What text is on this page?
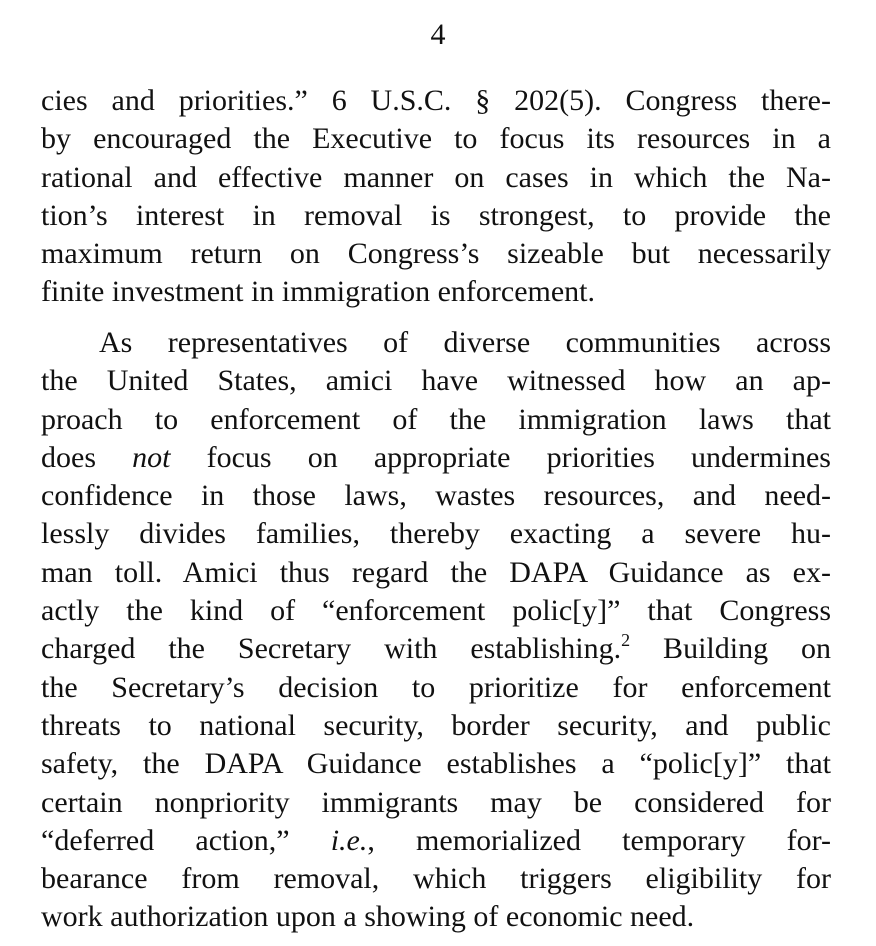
4
cies and priorities.” 6 U.S.C. § 202(5). Congress there-
by encouraged the Executive to focus its resources in a
rational and effective manner on cases in which the Na-
tion’s interest in removal is strongest, to provide the
maximum return on Congress’s sizeable but necessarily
finite investment in immigration enforcement.
As representatives of diverse communities across
the United States, amici have witnessed how an ap-
proach to enforcement of the immigration laws that
does not focus on appropriate priorities undermines
confidence in those laws, wastes resources, and need-
lessly divides families, thereby exacting a severe hu-
man toll. Amici thus regard the DAPA Guidance as ex-
actly the kind of “enforcement polic[y]” that Congress
charged the Secretary with establishing.$^2$ Building on
the Secretary’s decision to prioritize for enforcement
threats to national security, border security, and public
safety, the DAPA Guidance establishes a “polic[y]” that
certain nonpriority immigrants may be considered for
“deferred action,” i.e., memorialized temporary for-
bearance from removal, which triggers eligibility for
work authorization upon a showing of economic need.
